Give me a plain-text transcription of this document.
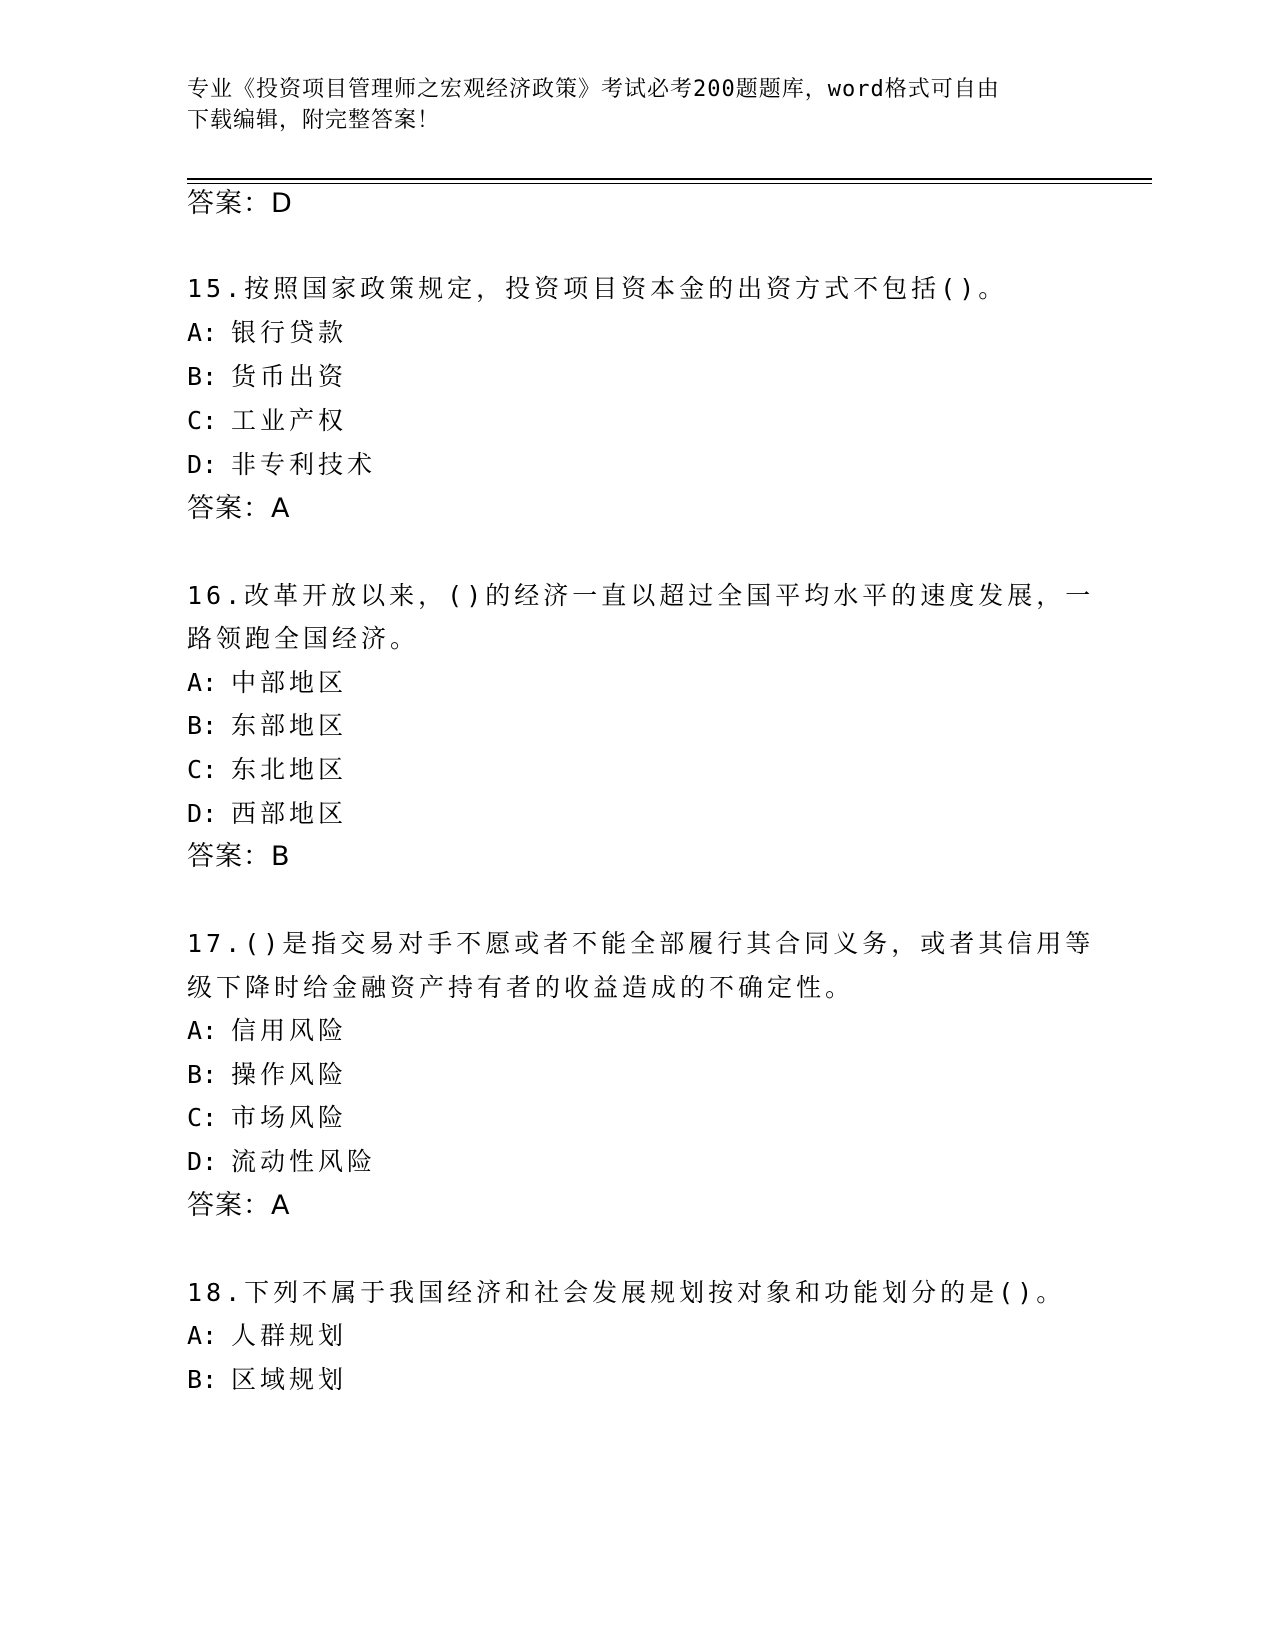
专业《投资项目管理师之宏观经济政策》考试必考200题题库，word格式可自由
下载编辑，附完整答案！
答案：D
15.按照国家政策规定，投资项目资本金的出资方式不包括()。
A: 银行贷款
B: 货币出资
C: 工业产权
D: 非专利技术
答案：A
16.改革开放以来，()的经济一直以超过全国平均水平的速度发展，一
路领跑全国经济。
A: 中部地区
B: 东部地区
C: 东北地区
D: 西部地区
答案：B
17.()是指交易对手不愿或者不能全部履行其合同义务，或者其信用等
级下降时给金融资产持有者的收益造成的不确定性。
A: 信用风险
B: 操作风险
C: 市场风险
D: 流动性风险
答案：A
18.下列不属于我国经济和社会发展规划按对象和功能划分的是()。
A: 人群规划
B: 区域规划
